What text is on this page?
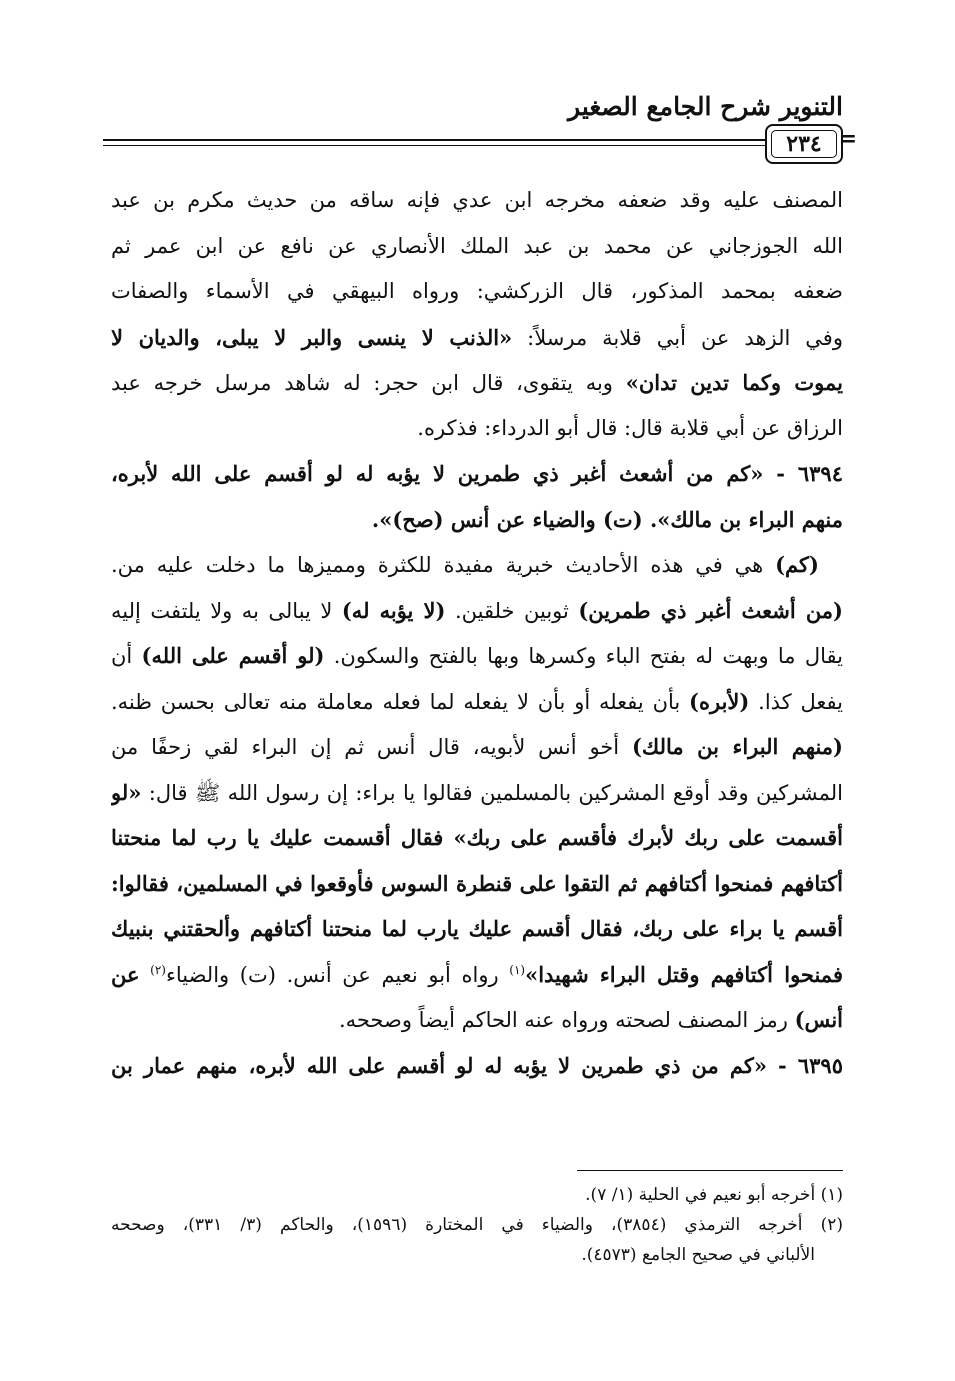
التنوير شرح الجامع الصغير
٢٣٤ =
المصنف عليه وقد ضعفه مخرجه ابن عدي فإنه ساقه من حديث مكرم بن عبد
الله الجوزجاني عن محمد بن عبد الملك الأنصاري عن نافع عن ابن عمر ثم
ضعفه بمحمد المذكور، قال الزركشي: ورواه البيهقي في الأسماء والصفات
وفي الزهد عن أبي قلابة مرسلاً: «الذنب لا ينسى والبر لا يبلى، والديان لا
يموت وكما تدين تدان» وبه يتقوى، قال ابن حجر: له شاهد مرسل خرجه عبد
الرزاق عن أبي قلابة قال: قال أبو الدرداء: فذكره.
٦٣٩٤ - «كم من أشعث أغبر ذي طمرين لا يؤبه له لو أقسم على الله لأبره،
منهم البراء بن مالك». (ت) والضياء عن أنس (صح)».
(كم) هي في هذه الأحاديث خبرية مفيدة للكثرة ومميزها ما دخلت عليه من.
(من أشعث أغبر ذي طمرين) ثوبين خلقين. (لا يؤبه له) لا يبالى به ولا يلتفت إليه
يقال ما وبهت له بفتح الباء وكسرها وبها بالفتح والسكون. (لو أقسم على الله) أن
يفعل كذا. (لأبره) بأن يفعله أو بأن لا يفعله لما فعله معاملة منه تعالى بحسن ظنه.
(منهم البراء بن مالك) أخو أنس لأبويه، قال أنس ثم إن البراء لقي زحفًا من
المشركين وقد أوقع المشركين بالمسلمين فقالوا يا براء: إن رسول الله ﷺ قال: «لو
أقسمت على ربك لأبرك فأقسم على ربك» فقال أقسمت عليك يا رب لما منحتنا
أكتافهم فمنحوا أكتافهم ثم التقوا على قنطرة السوس فأوقعوا في المسلمين، فقالوا:
أقسم يا براء على ربك، فقال أقسم عليك يارب لما منحتنا أكتافهم وألحقتني بنبيك
فمنحوا أكتافهم وقتل البراء شهيدا»$^{(١)}$ رواه أبو نعيم عن أنس. (ت) والضياء$^{(٢)}$ عن
أنس) رمز المصنف لصحته ورواه عنه الحاكم أيضاً وصححه.
٦٣٩٥ - «كم من ذي طمرين لا يؤبه له لو أقسم على الله لأبره، منهم عمار بن
(١) أخرجه أبو نعيم في الحلية (١/ ٧).
(٢) أخرجه الترمذي (٣٨٥٤)، والضياء في المختارة (١٥٩٦)، والحاكم (٣/ ٣٣١)، وصححه
الألباني في صحيح الجامع (٤٥٧٣).
